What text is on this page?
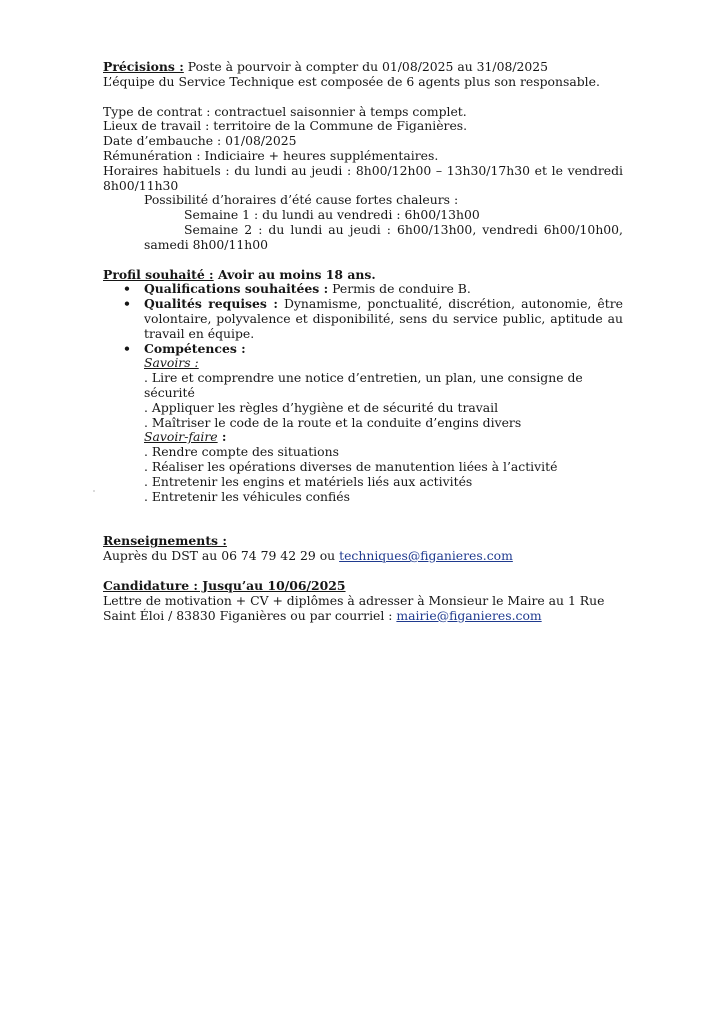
Précisions : Poste à pourvoir à compter du 01/08/2025 au 31/08/2025

L’équipe du Service Technique est composée de 6 agents plus son responsable.

Type de contrat : contractuel saisonnier à temps complet.

Lieux de travail : territoire de la Commune de Figanières.

Date d’embauche : 01/08/2025

Rémunération : Indiciaire + heures supplémentaires.

Horaires habituels : du lundi au jeudi : 8h00/12h00 – 13h30/17h30 et le vendredi 8h00/11h30

Possibilité d’horaires d’été cause fortes chaleurs :

Semaine 1 : du lundi au vendredi : 6h00/13h00

Semaine 2 : du lundi au jeudi : 6h00/13h00, vendredi 6h00/10h00, samedi 8h00/11h00

Profil souhaité : Avoir au moins 18 ans.

• Qualifications souhaitées : Permis de conduire B.
• Qualités requises : Dynamisme, ponctualité, discrétion, autonomie, être volontaire, polyvalence et disponibilité, sens du service public, aptitude au travail en équipe.

• Compétences :

Savoirs :

. Lire et comprendre une notice d’entretien, un plan, une consigne de sécurité

. Appliquer les règles d’hygiène et de sécurité du travail

. Maîtriser le code de la route et la conduite d’engins divers

Savoir-faire :

. Rendre compte des situations

. Réaliser les opérations diverses de manutention liées à l’activité

. Entretenir les engins et matériels liés aux activités

. Entretenir les véhicules confiés

Renseignements :

Auprès du DST au 06 74 79 42 29 ou techniques@figanieres.com

Candidature : Jusqu’au 10/06/2025

Lettre de motivation + CV + diplômes à adresser à Monsieur le Maire au 1 Rue Saint Éloi / 83830 Figanières ou par courriel : mairie@figanieres.com
